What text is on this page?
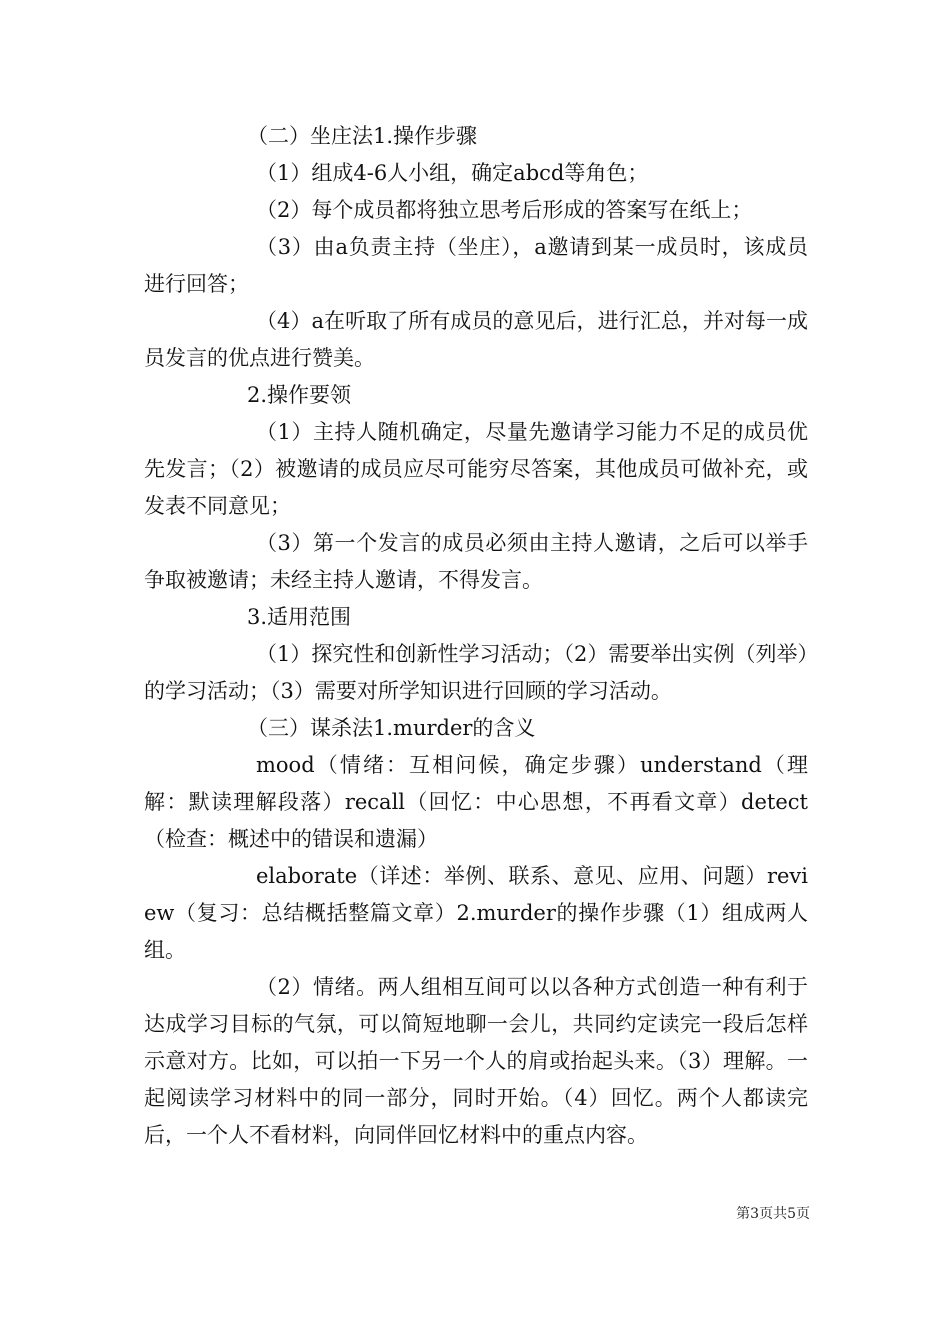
（二）坐庄法1.操作步骤

（1）组成4-6人小组，确定abcd等角色；

（2）每个成员都将独立思考后形成的答案写在纸上；

（3）由a负责主持（坐庄），a邀请到某一成员时，该成员进行回答；

（4）a在听取了所有成员的意见后，进行汇总，并对每一成员发言的优点进行赞美。

2.操作要领

（1）主持人随机确定，尽量先邀请学习能力不足的成员优先发言；（2）被邀请的成员应尽可能穷尽答案，其他成员可做补充，或发表不同意见；

（3）第一个发言的成员必须由主持人邀请，之后可以举手争取被邀请；未经主持人邀请，不得发言。

3.适用范围

（1）探究性和创新性学习活动；（2）需要举出实例（列举）的学习活动；（3）需要对所学知识进行回顾的学习活动。

（三）谋杀法1.murder的含义

mood（情绪：互相问候，确定步骤）understand（理解：默读理解段落）recall（回忆：中心思想，不再看文章）detect（检查：概述中的错误和遗漏）

elaborate（详述：举例、联系、意见、应用、问题）review（复习：总结概括整篇文章）2.murder的操作步骤（1）组成两人组。

（2）情绪。两人组相互间可以以各种方式创造一种有利于达成学习目标的气氛，可以简短地聊一会儿，共同约定读完一段后怎样示意对方。比如，可以拍一下另一个人的肩或抬起头来。（3）理解。一起阅读学习材料中的同一部分，同时开始。（4）回忆。两个人都读完后，一个人不看材料，向同伴回忆材料中的重点内容。

第3页共5页
